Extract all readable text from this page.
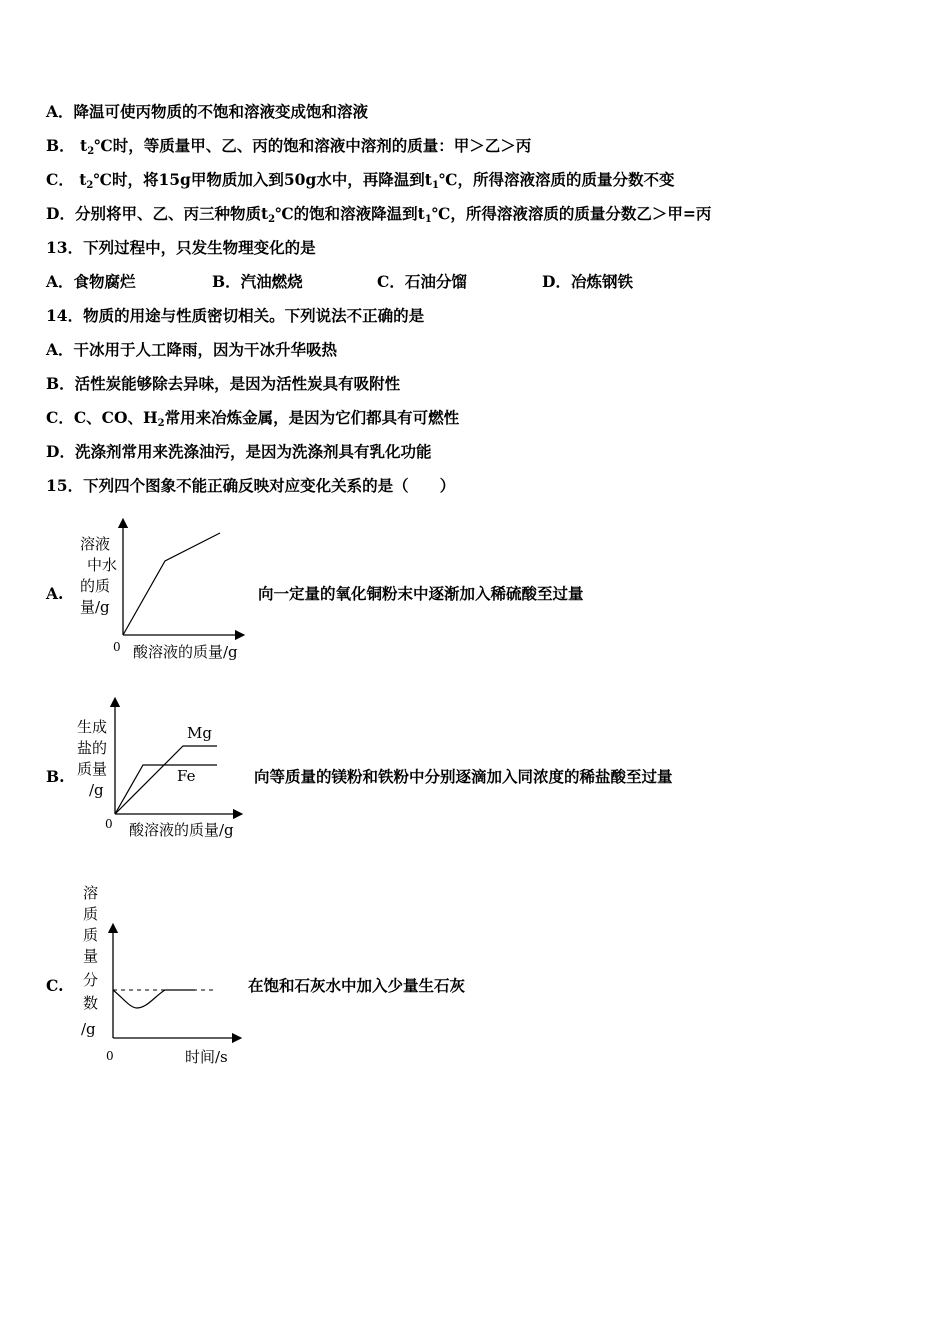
A．降温可使丙物质的不饱和溶液变成饱和溶液
B． $t_2℃$时，等质量甲、乙、丙的饱和溶液中溶剂的质量：甲＞乙＞丙
C． $t_2℃$时，将15g甲物质加入到50g水中，再降温到$t_1℃$，所得溶液溶质的质量分数不变
D．分别将甲、乙、丙三种物质$t_2℃$的饱和溶液降温到$t_1℃$，所得溶液溶质的质量分数乙＞甲=丙
13．下列过程中，只发生物理变化的是
A．食物腐烂	B．汽油燃烧	C．石油分馏	D．冶炼钢铁
14．物质的用途与性质密切相关。下列说法不正确的是
A．干冰用于人工降雨，因为干冰升华吸热
B．活性炭能够除去异味，是因为活性炭具有吸附性
C．C、CO、$H_2$常用来冶炼金属，是因为它们都具有可燃性
D．洗涤剂常用来洗涤油污，是因为洗涤剂具有乳化功能
15．下列四个图象不能正确反映对应变化关系的是（　　）
A.
溶液
中水
的质
量/g
0 酸溶液的质量/g
向一定量的氧化铜粉末中逐渐加入稀硫酸至过量
B.
Mg
Fe
生成
盐的
质量
/g
0 酸溶液的质量/g
向等质量的镁粉和铁粉中分别逐滴加入同浓度的稀盐酸至过量
C.
溶
质
质
量
分
数
/g
0	时间/s
在饱和石灰水中加入少量生石灰
